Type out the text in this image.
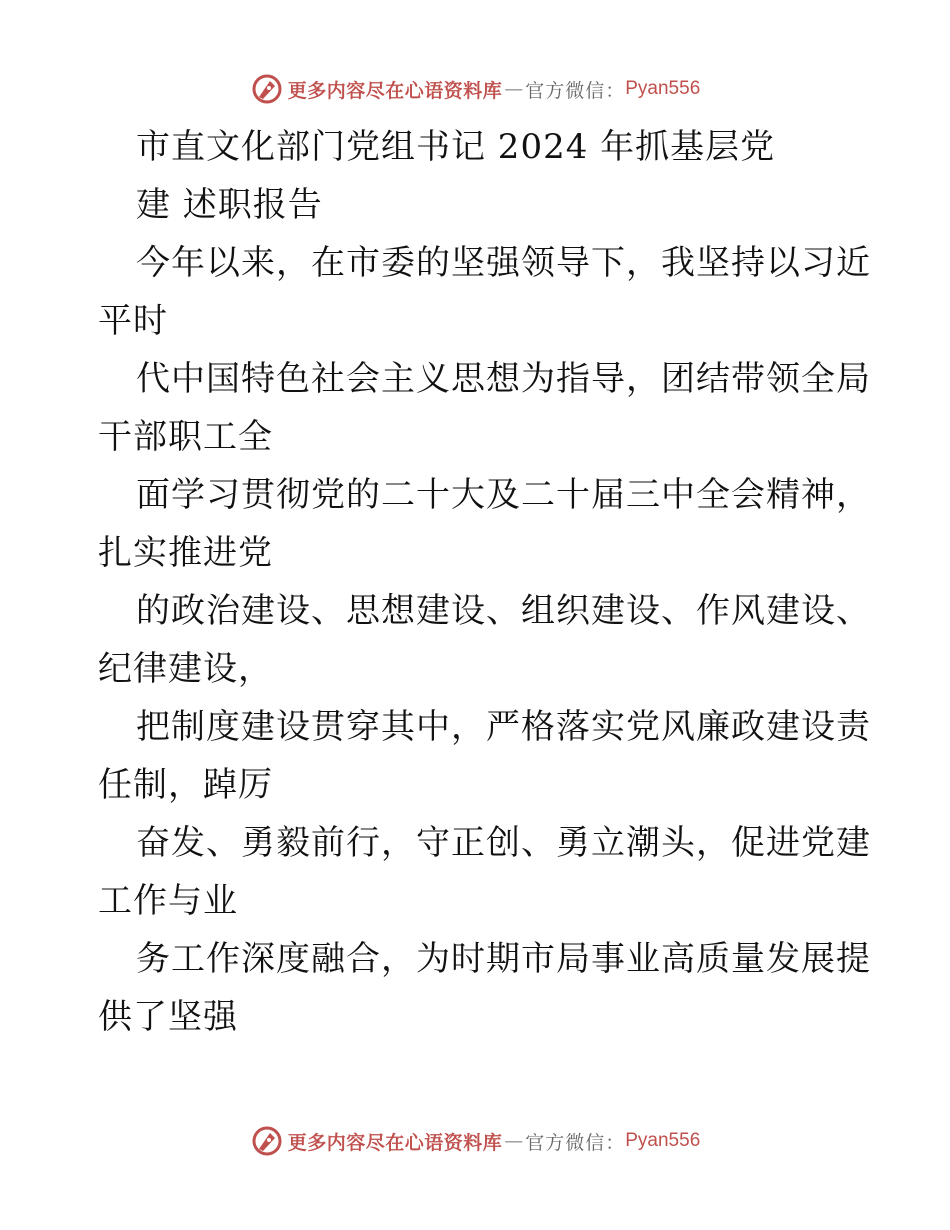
更多内容尽在心语资料库 — 官方微信： Pyan556
市直文化部门党组书记 2024 年抓基层党
建 述职报告
今年以来，在市委的坚强领导下，我坚持以习近
平时
代中国特色社会主义思想为指导，团结带领全局
干部职工全
面学习贯彻党的二十大及二十届三中全会精神，
扎实推进党
的政治建设、思想建设、组织建设、作风建设、
纪律建设，
把制度建设贯穿其中，严格落实党风廉政建设责
任制，踔厉
奋发、勇毅前行，守正创、勇立潮头，促进党建
工作与业
务工作深度融合，为时期市局事业高质量发展提
供了坚强
更多内容尽在心语资料库 — 官方微信： Pyan556
